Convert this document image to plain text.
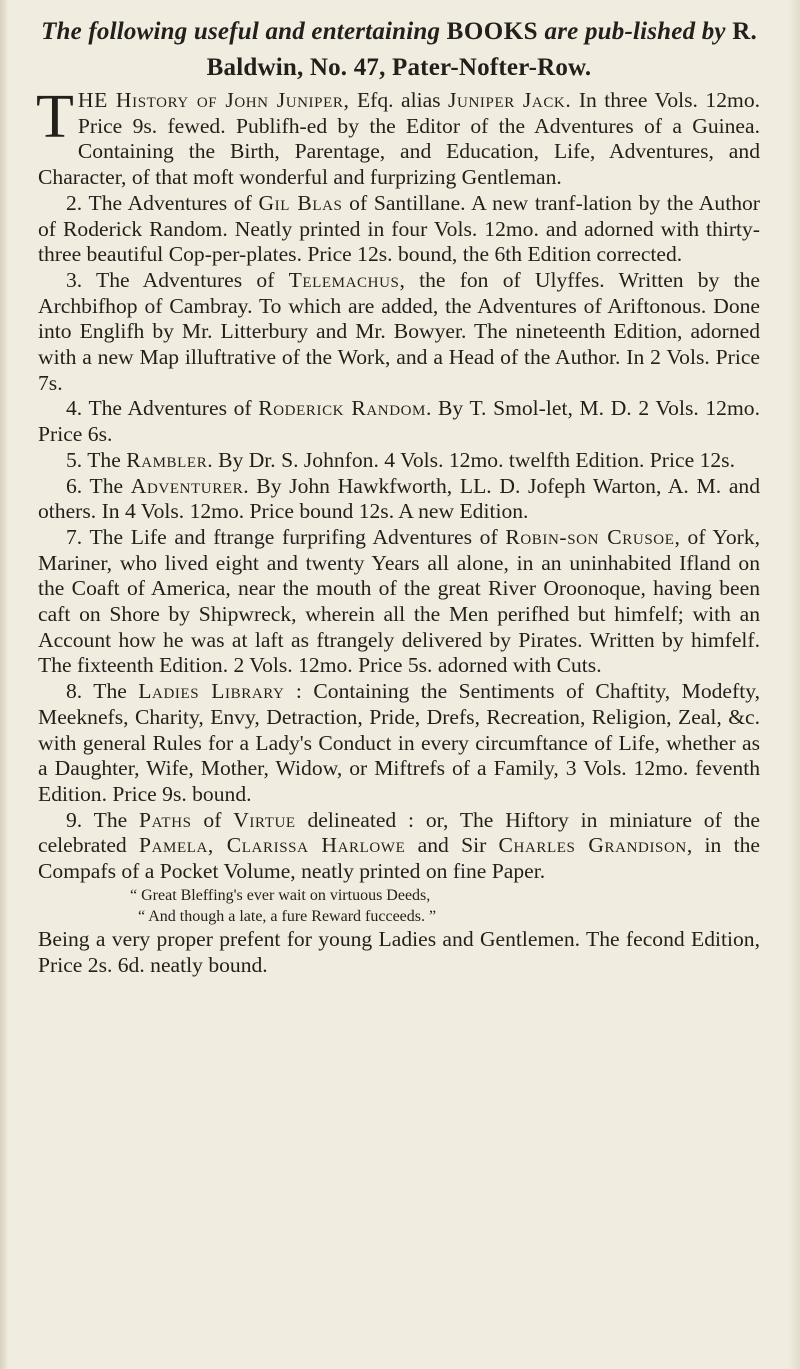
The following useful and entertaining BOOKS are pub-lished by R. Baldwin, No. 47, Pater-Nofter-Row.

THE History of John Juniper, Efq. alias Juniper Jack. In three Vols. 12mo. Price 9s. fewed. Publifh-ed by the Editor of the Adventures of a Guinea. Containing the Birth, Parentage, and Education, Life, Adventures, and Character, of that moft wonderful and furprizing Gentleman.

2. The Adventures of Gil Blas of Santillane. A new tranf-lation by the Author of Roderick Random. Neatly printed in four Vols. 12mo. and adorned with thirty-three beautiful Cop-per-plates. Price 12s. bound, the 6th Edition corrected.

3. The Adventures of Telemachus, the fon of Ulyffes. Written by the Archbifhop of Cambray. To which are added, the Adventures of Ariftonous. Done into Englifh by Mr. Litterbury and Mr. Bowyer. The nineteenth Edition, adorned with a new Map illuftrative of the Work, and a Head of the Author. In 2 Vols. Price 7s.

4. The Adventures of Roderick Random. By T. Smol-let, M. D. 2 Vols. 12mo. Price 6s.

5. The Rambler. By Dr. S. Johnfon. 4 Vols. 12mo. twelfth Edition. Price 12s.

6. The Adventurer. By John Hawkfworth, LL. D. Jofeph Warton, A. M. and others. In 4 Vols. 12mo. Price bound 12s. A new Edition.

7. The Life and ftrange furprifing Adventures of Robin-son Crusoe, of York, Mariner, who lived eight and twenty Years all alone, in an uninhabited Ifland on the Coaft of America, near the mouth of the great River Oroonoque, having been caft on Shore by Shipwreck, wherein all the Men perifhed but himfelf; with an Account how he was at laft as ftrangely delivered by Pirates. Written by himfelf. The fixteenth Edition. 2 Vols. 12mo. Price 5s. adorned with Cuts.

8. The Ladies Library : Containing the Sentiments of Chaftity, Modefty, Meeknefs, Charity, Envy, Detraction, Pride, Drefs, Recreation, Religion, Zeal, &c. with general Rules for a Lady's Conduct in every circumftance of Life, whether as a Daughter, Wife, Mother, Widow, or Miftrefs of a Family, 3 Vols. 12mo. feventh Edition. Price 9s. bound.

9. The Paths of Virtue delineated : or, The Hiftory in miniature of the celebrated Pamela, Clarissa Harlowe and Sir Charles Grandison, in the Compafs of a Pocket Volume, neatly printed on fine Paper.

“ Great Bleffing's ever wait on virtuous Deeds,
“ And though a late, a fure Reward fucceeds. ”

Being a very proper prefent for young Ladies and Gentlemen. The fecond Edition, Price 2s. 6d. neatly bound.
